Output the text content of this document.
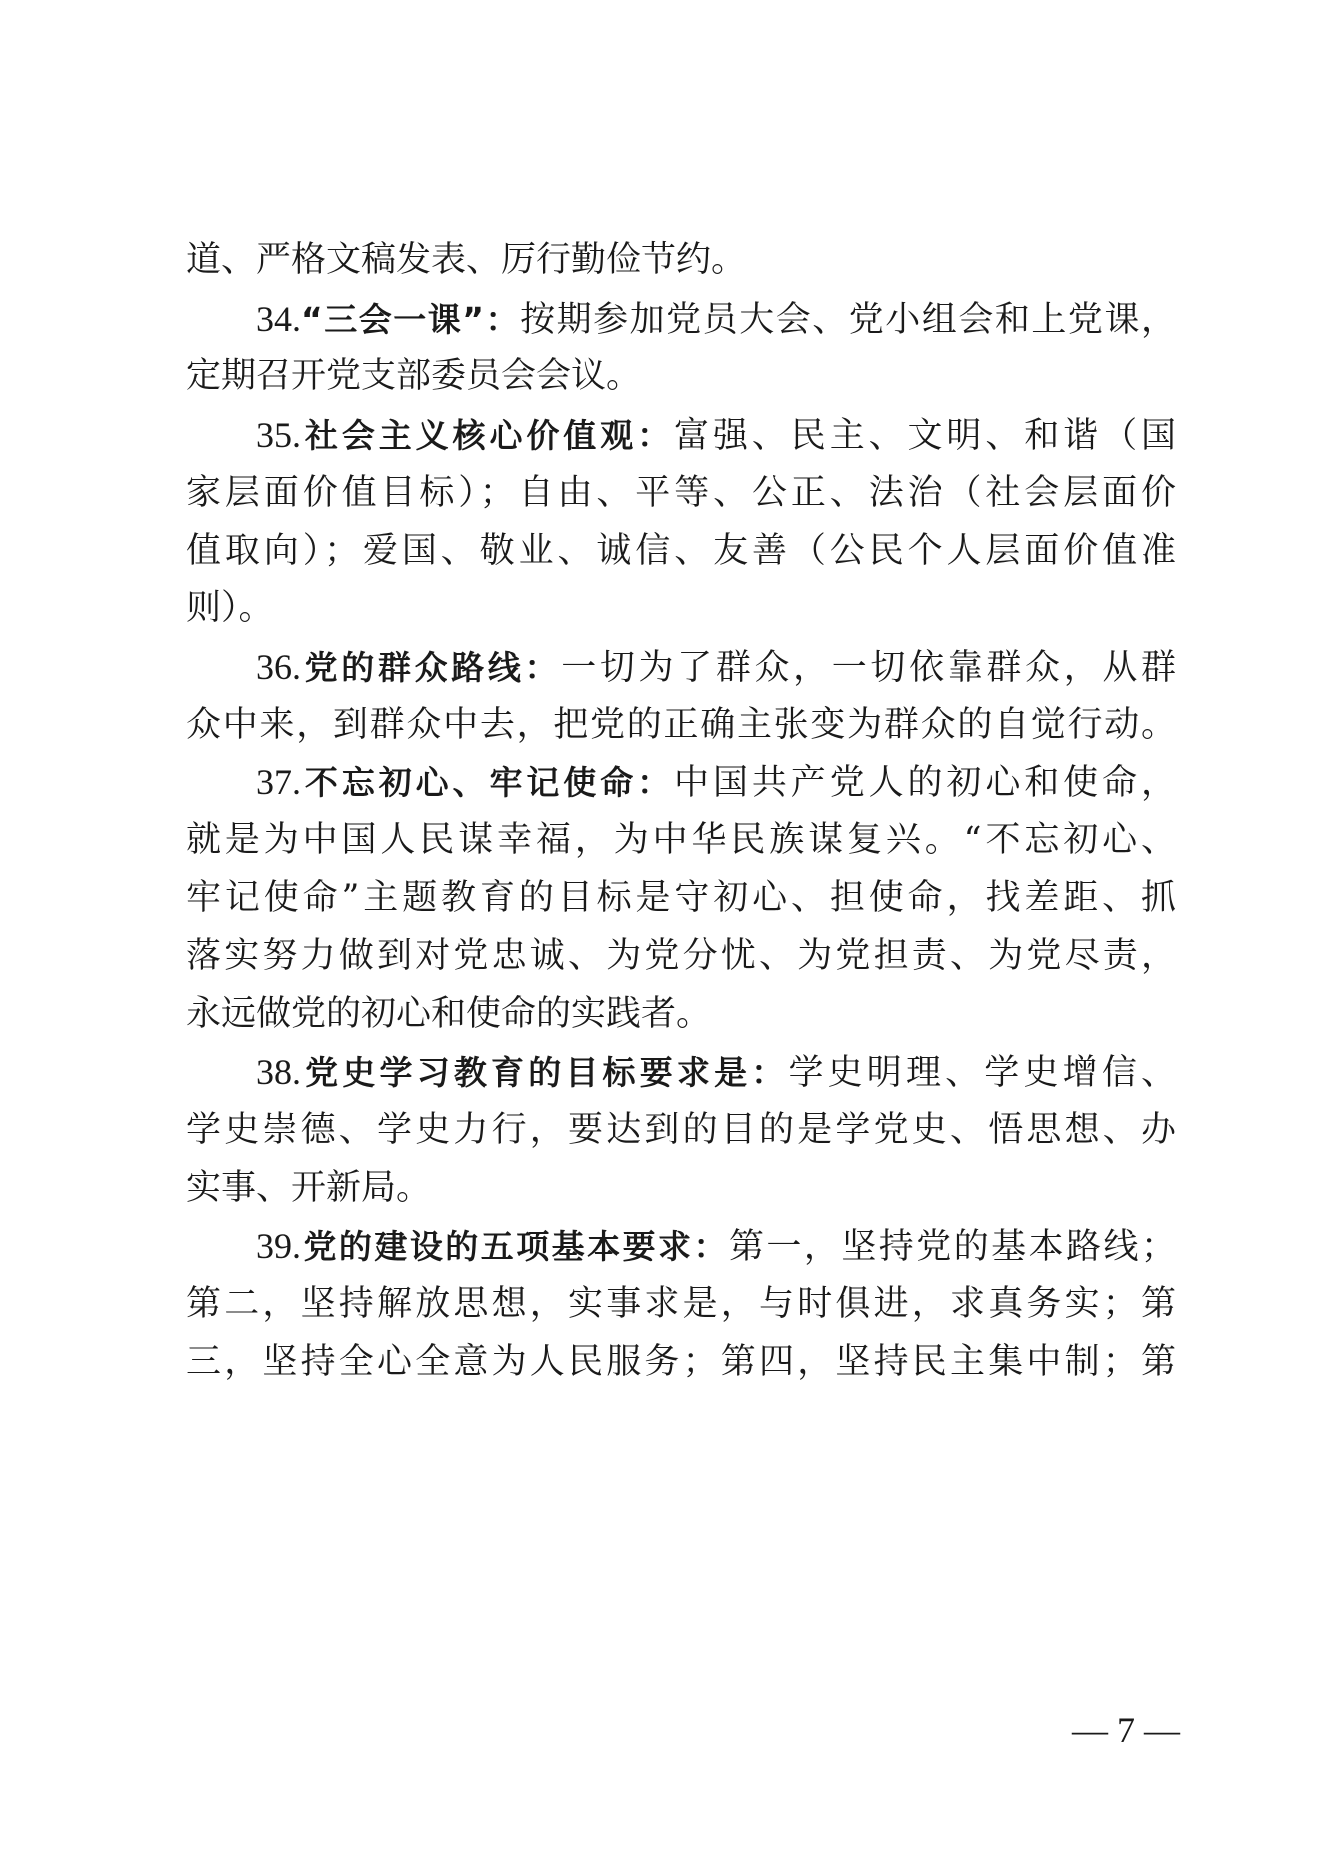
道、严格文稿发表、厉行勤俭节约。
34.“三会一课”：按期参加党员大会、党小组会和上党课，
定期召开党支部委员会会议。
35.社会主义核心价值观：富强、民主、文明、和谐（国
家层面价值目标）；自由、平等、公正、法治（社会层面价
值取向）；爱国、敬业、诚信、友善（公民个人层面价值准
则）。
36.党的群众路线：一切为了群众，一切依靠群众，从群
众中来，到群众中去，把党的正确主张变为群众的自觉行动。
37.不忘初心、牢记使命：中国共产党人的初心和使命，
就是为中国人民谋幸福，为中华民族谋复兴。“不忘初心、
牢记使命”主题教育的目标是守初心、担使命，找差距、抓
落实努力做到对党忠诚、为党分忧、为党担责、为党尽责，
永远做党的初心和使命的实践者。
38.党史学习教育的目标要求是：学史明理、学史增信、
学史崇德、学史力行，要达到的目的是学党史、悟思想、办
实事、开新局。
39.党的建设的五项基本要求：第一，坚持党的基本路线；
第二，坚持解放思想，实事求是，与时俱进，求真务实；第
三，坚持全心全意为人民服务；第四，坚持民主集中制；第
— 7 —
